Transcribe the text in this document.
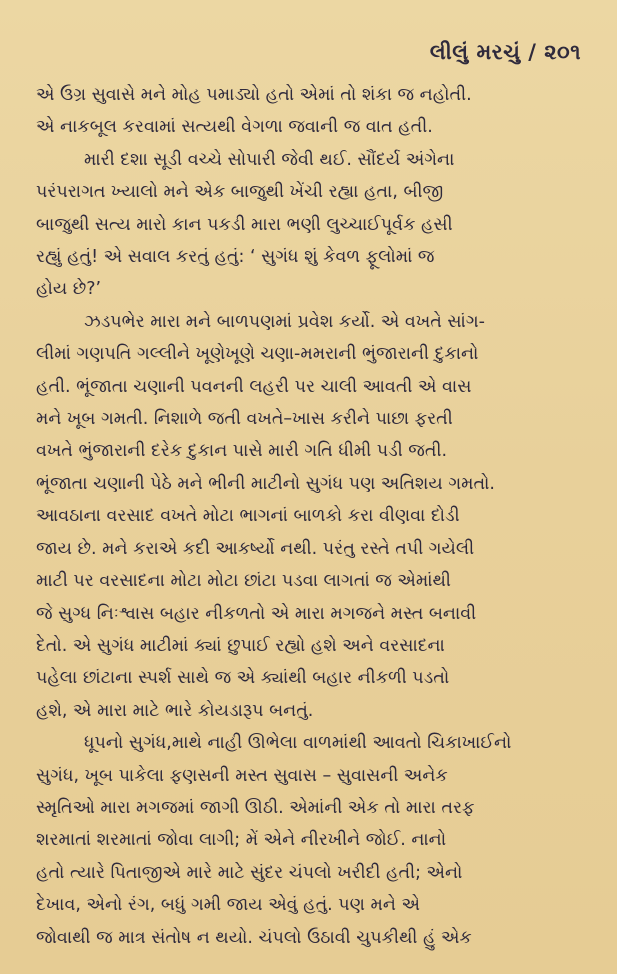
લીલું મરચું / ૨૦૧
એ ઉગ્ર સુવાસે મને મોહ પમાડ્યો હતો એમાં તો શંકા જ નહોતી.
એ નાકબૂલ કરવામાં સત્યથી વેગળા જવાની જ વાત હતી.
મારી દશા સૂડી વચ્ચે સોપારી જેવી થઈ. સૌંદર્ય અંગેના
પરંપરાગત ખ્યાલો મને એક બાજુથી ખેંચી રહ્યા હતા, બીજી
બાજુથી સત્ય મારો કાન પકડી મારા ભણી લુચ્ચાઈપૂર્વક હસી
રહ્યું હતું! એ સવાલ કરતું હતું: ‘ સુગંધ શું કેવળ ફૂલોમાં જ
હોય છે?’
ઝડપભેર મારા મને બાળપણમાં પ્રવેશ કર્યો. એ વખતે સાંગ-
લીમાં ગણપતિ ગલ્લીને ખૂણેખૂણે ચણા-મમરાની ભુંજારાની દુકાનો
હતી. ભૂંજાતા ચણાની પવનની લહરી પર ચાલી આવતી એ વાસ
મને ખૂબ ગમતી. નિશાળે જતી વખતે–ખાસ કરીને પાછા ફરતી
વખતે ભુંજારાની દરેક દુકાન પાસે મારી ગતિ ધીમી પડી જતી.
ભૂંજાતા ચણાની પેઠે મને ભીની માટીનો સુગંધ પણ અતિશય ગમતો.
આવઠાના વરસાદ વખતે મોટા ભાગનાં બાળકો કરા વીણવા દોડી
જાય છે. મને કરાએ કદી આકર્ષ્યો નથી. પરંતુ રસ્તે તપી ગયેલી
માટી પર વરસાદના મોટા મોટા છાંટા પડવા લાગતાં જ એમાંથી
જે સુગ્ધ નિઃશ્વાસ બહાર નીકળતો એ મારા મગજને મસ્ત બનાવી
દેતો. એ સુગંધ માટીમાં ક્યાં છુપાઈ રહ્યો હશે અને વરસાદના
પહેલા છાંટાના સ્પર્શ સાથે જ એ ક્યાંથી બહાર નીકળી પડતો
હશે, એ મારા માટે ભારે કોયડારૂપ બનતું.
ધૂપનો સુગંધ,માથે નાહી ઊભેલા વાળમાંથી આવતો ચિકાખાઈનો
સુગંધ, ખૂબ પાકેલા ફણસની મસ્ત સુવાસ – સુવાસની અનેક
સ્મૃતિઓ મારા મગજમાં જાગી ઊઠી. એમાંની એક તો મારા તરફ
શરમાતાં શરમાતાં જોવા લાગી; મેં એને નીરખીને જોઈ. નાનો
હતો ત્યારે પિતાજીએ મારે માટે સુંદર ચંપલો ખરીદી હતી; એનો
દેખાવ, એનો રંગ, બધું ગમી જાય એવું હતું. પણ મને એ
જોવાથી જ માત્ર સંતોષ ન થયો. ચંપલો ઉઠાવી ચુપકીથી હું એક
